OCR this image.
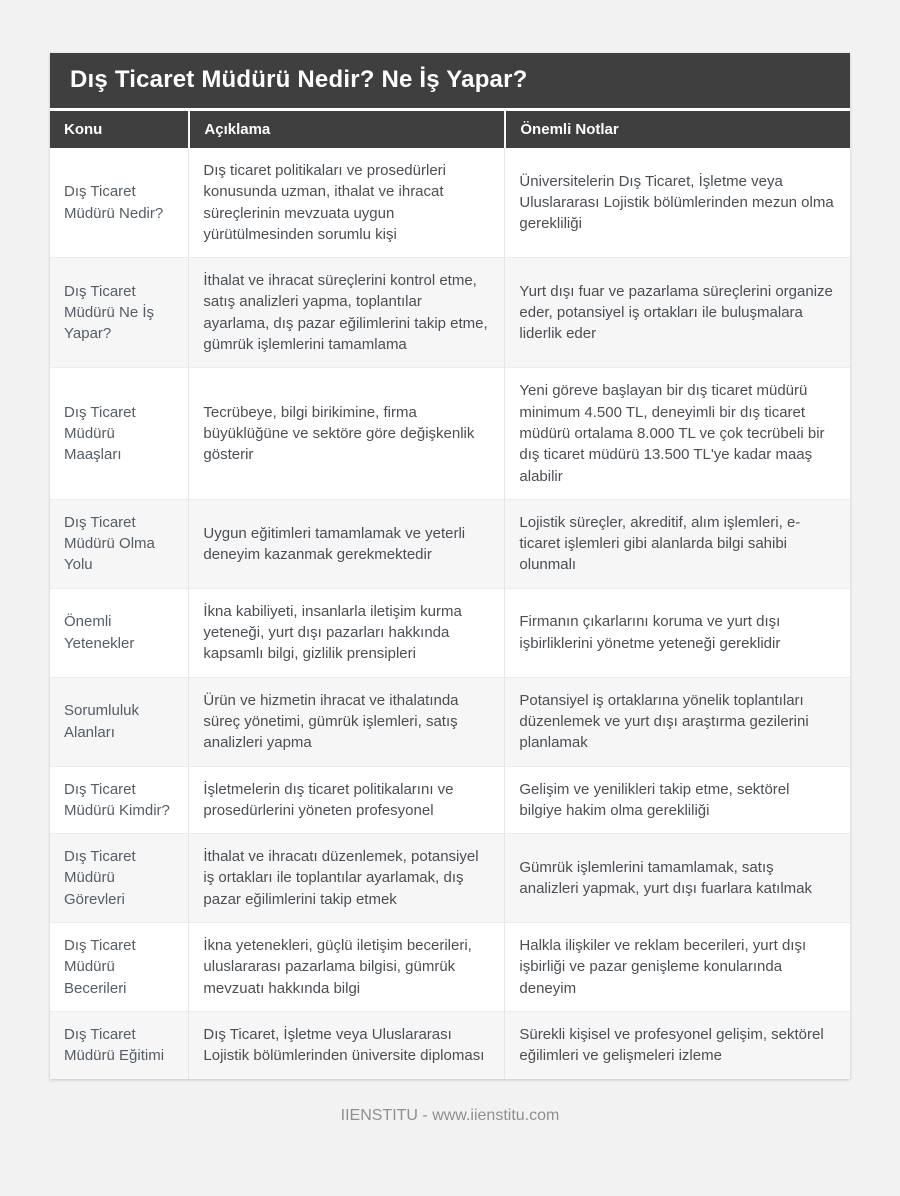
Dış Ticaret Müdürü Nedir? Ne İş Yapar?
Konu	Açıklama	Önemli Notlar
Dış Ticaret Müdürü Nedir?	Dış ticaret politikaları ve prosedürleri konusunda uzman, ithalat ve ihracat süreçlerinin mevzuata uygun yürütülmesinden sorumlu kişi	Üniversitelerin Dış Ticaret, İşletme veya Uluslararası Lojistik bölümlerinden mezun olma gerekliliği
Dış Ticaret Müdürü Ne İş Yapar?	İthalat ve ihracat süreçlerini kontrol etme, satış analizleri yapma, toplantılar ayarlama, dış pazar eğilimlerini takip etme, gümrük işlemlerini tamamlama	Yurt dışı fuar ve pazarlama süreçlerini organize eder, potansiyel iş ortakları ile buluşmalara liderlik eder
Dış Ticaret Müdürü Maaşları	Tecrübeye, bilgi birikimine, firma büyüklüğüne ve sektöre göre değişkenlik gösterir	Yeni göreve başlayan bir dış ticaret müdürü minimum 4.500 TL, deneyimli bir dış ticaret müdürü ortalama 8.000 TL ve çok tecrübeli bir dış ticaret müdürü 13.500 TL'ye kadar maaş alabilir
Dış Ticaret Müdürü Olma Yolu	Uygun eğitimleri tamamlamak ve yeterli deneyim kazanmak gerekmektedir	Lojistik süreçler, akreditif, alım işlemleri, e-ticaret işlemleri gibi alanlarda bilgi sahibi olunmalı
Önemli Yetenekler	İkna kabiliyeti, insanlarla iletişim kurma yeteneği, yurt dışı pazarları hakkında kapsamlı bilgi, gizlilik prensipleri	Firmanın çıkarlarını koruma ve yurt dışı işbirliklerini yönetme yeteneği gereklidir
Sorumluluk Alanları	Ürün ve hizmetin ihracat ve ithalatında süreç yönetimi, gümrük işlemleri, satış analizleri yapma	Potansiyel iş ortaklarına yönelik toplantıları düzenlemek ve yurt dışı araştırma gezilerini planlamak
Dış Ticaret Müdürü Kimdir?	İşletmelerin dış ticaret politikalarını ve prosedürlerini yöneten profesyonel	Gelişim ve yenilikleri takip etme, sektörel bilgiye hakim olma gerekliliği
Dış Ticaret Müdürü Görevleri	İthalat ve ihracatı düzenlemek, potansiyel iş ortakları ile toplantılar ayarlamak, dış pazar eğilimlerini takip etmek	Gümrük işlemlerini tamamlamak, satış analizleri yapmak, yurt dışı fuarlara katılmak
Dış Ticaret Müdürü Becerileri	İkna yetenekleri, güçlü iletişim becerileri, uluslararası pazarlama bilgisi, gümrük mevzuatı hakkında bilgi	Halkla ilişkiler ve reklam becerileri, yurt dışı işbirliği ve pazar genişleme konularında deneyim
Dış Ticaret Müdürü Eğitimi	Dış Ticaret, İşletme veya Uluslararası Lojistik bölümlerinden üniversite diploması	Sürekli kişisel ve profesyonel gelişim, sektörel eğilimleri ve gelişmeleri izleme
IIENSTITU - www.iienstitu.com
